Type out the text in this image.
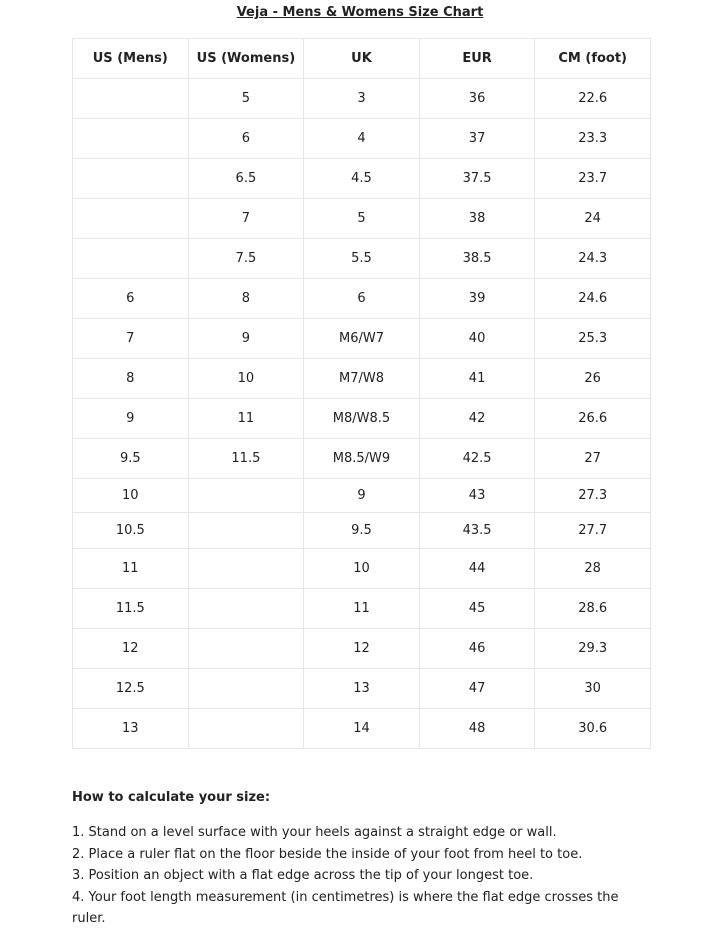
Veja - Mens & Womens Size Chart
US (Mens)	US (Womens)	UK	EUR	CM (foot)
	5	3	36	22.6
	6	4	37	23.3
	6.5	4.5	37.5	23.7
	7	5	38	24
	7.5	5.5	38.5	24.3
6	8	6	39	24.6
7	9	M6/W7	40	25.3
8	10	M7/W8	41	26
9	11	M8/W8.5	42	26.6
9.5	11.5	M8.5/W9	42.5	27
10		9	43	27.3
10.5		9.5	43.5	27.7
11		10	44	28
11.5		11	45	28.6
12		12	46	29.3
12.5		13	47	30
13		14	48	30.6
How to calculate your size:
1. Stand on a level surface with your heels against a straight edge or wall.
2. Place a ruler flat on the floor beside the inside of your foot from heel to toe.
3. Position an object with a flat edge across the tip of your longest toe.
4. Your foot length measurement (in centimetres) is where the flat edge crosses the ruler.
